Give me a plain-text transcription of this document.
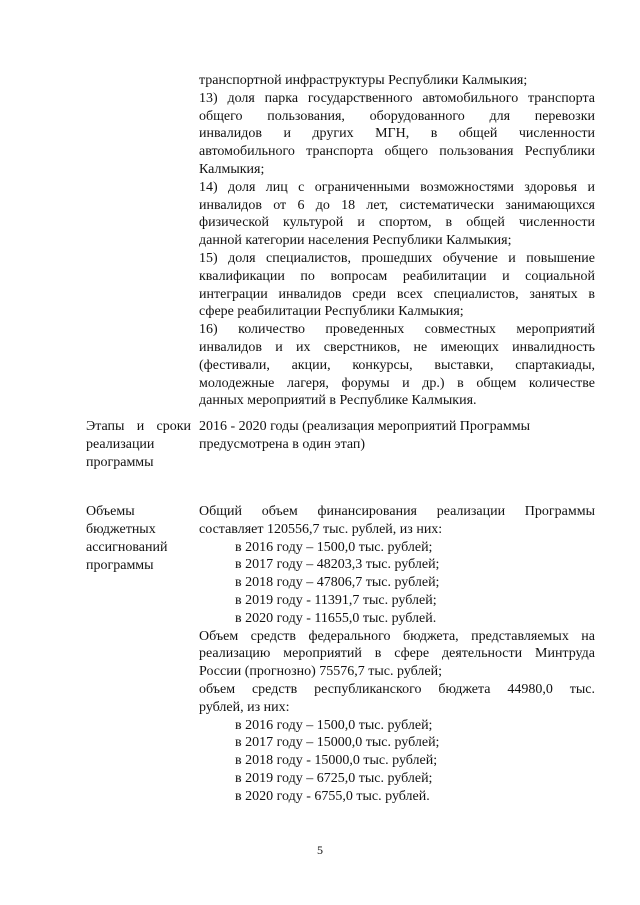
транспортной инфраструктуры Республики Калмыкия;
13) доля парка государственного автомобильного транспорта
общего пользования, оборудованного для перевозки
инвалидов и других МГН, в общей численности
автомобильного транспорта общего пользования Республики
Калмыкия;
14) доля лиц с ограниченными возможностями здоровья и
инвалидов от 6 до 18 лет, систематически занимающихся
физической культурой и спортом, в общей численности
данной категории населения Республики Калмыкия;
15) доля специалистов, прошедших обучение и повышение
квалификации по вопросам реабилитации и социальной
интеграции инвалидов среди всех специалистов, занятых в
сфере реабилитации Республики Калмыкия;
16) количество проведенных совместных мероприятий
инвалидов и их сверстников, не имеющих инвалидность
(фестивали, акции, конкурсы, выставки, спартакиады,
молодежные лагеря, форумы и др.) в общем количестве
данных мероприятий в Республике Калмыкия.
Этапы и сроки
реализации
программы
2016 - 2020 годы (реализация мероприятий Программы
предусмотрена в один этап)
Объемы
бюджетных
ассигнований
программы
Общий объем финансирования реализации Программы
составляет 120556,7 тыс. рублей, из них:
в 2016 году – 1500,0 тыс. рублей;
в 2017 году – 48203,3 тыс. рублей;
в 2018 году – 47806,7 тыс. рублей;
в 2019 году - 11391,7 тыс. рублей;
в 2020 году - 11655,0 тыс. рублей.
Объем средств федерального бюджета, представляемых на
реализацию мероприятий в сфере деятельности Минтруда
России (прогнозно) 75576,7 тыс. рублей;
объем средств республиканского бюджета 44980,0 тыс.
рублей, из них:
в 2016 году – 1500,0 тыс. рублей;
в 2017 году – 15000,0 тыс. рублей;
в 2018 году - 15000,0 тыс. рублей;
в 2019 году – 6725,0 тыс. рублей;
в 2020 году - 6755,0 тыс. рублей.
5
